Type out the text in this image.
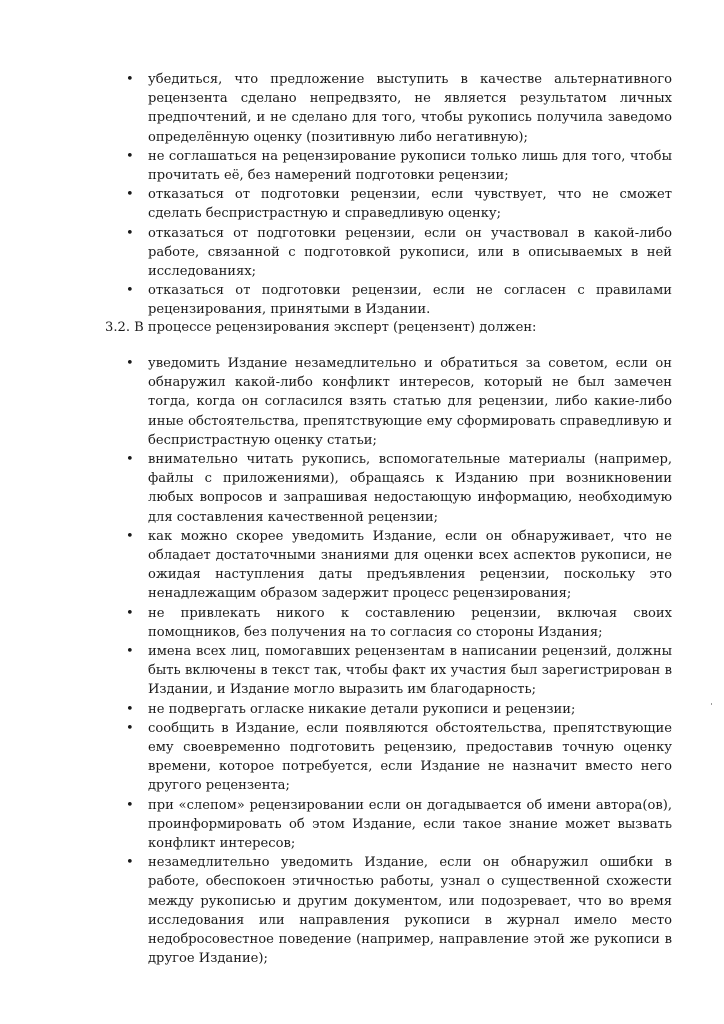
• убедиться, что предложение выступить в качестве альтернативного рецензента сделано непредвзято, не является результатом личных предпочтений, и не сделано для того, чтобы рукопись получила заведомо определённую оценку (позитивную либо негативную);
• не соглашаться на рецензирование рукописи только лишь для того, чтобы прочитать её, без намерений подготовки рецензии;
• отказаться от подготовки рецензии, если чувствует, что не сможет сделать беспристрастную и справедливую оценку;
• отказаться от подготовки рецензии, если он участвовал в какой-либо работе, связанной с подготовкой рукописи, или в описываемых в ней исследованиях;
• отказаться от подготовки рецензии, если не согласен с правилами рецензирования, принятыми в Издании.

3.2. В процессе рецензирования эксперт (рецензент) должен:

• уведомить Издание незамедлительно и обратиться за советом, если он обнаружил какой-либо конфликт интересов, который не был замечен тогда, когда он согласился взять статью для рецензии, либо какие-либо иные обстоятельства, препятствующие ему сформировать справедливую и беспристрастную оценку статьи;
• внимательно читать рукопись, вспомогательные материалы (например, файлы с приложениями), обращаясь к Изданию при возникновении любых вопросов и запрашивая недостающую информацию, необходимую для составления качественной рецензии;
• как можно скорее уведомить Издание, если он обнаруживает, что не обладает достаточными знаниями для оценки всех аспектов рукописи, не ожидая наступления даты предъявления рецензии, поскольку это ненадлежащим образом задержит процесс рецензирования;
• не привлекать никого к составлению рецензии, включая своих помощников, без получения на то согласия со стороны Издания;
• имена всех лиц, помогавших рецензентам в написании рецензий, должны быть включены в текст так, чтобы факт их участия был зарегистрирован в Издании, и Издание могло выразить им благодарность;
• не подвергать огласке никакие детали рукописи и рецензии;
• сообщить в Издание, если появляются обстоятельства, препятствующие ему своевременно подготовить рецензию, предоставив точную оценку времени, которое потребуется, если Издание не назначит вместо него другого рецензента;
• при «слепом» рецензировании если он догадывается об имени автора(ов), проинформировать об этом Издание, если такое знание может вызвать конфликт интересов;
• незамедлительно уведомить Издание, если он обнаружил ошибки в работе, обеспокоен этичностью работы, узнал о существенной схожести между рукописью и другим документом, или подозревает, что во время исследования или направления рукописи в журнал имело место недобросовестное поведение (например, направление этой же рукописи в другое Издание);
